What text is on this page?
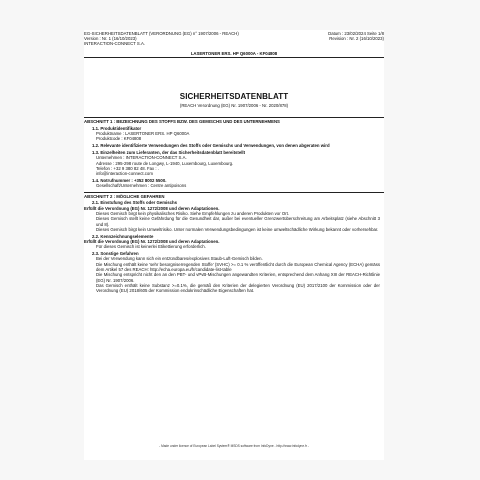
EG-SICHERHEITSDATENBLATT (VERORDNUNG (EG) n° 1907/2006 - REACH)
Version : Nr. 1 (16/10/2023)
INTERACTION-CONNECT S.A.
Datum : 23/02/2024 Seite 1/8
Revision : Nr. 2 (16/10/2023)
LASERTONER ERS. HP Q6000A - KF04808
SICHERHEITSDATENBLATT
(REACH Verordnung (EG) Nr. 1907/2006 - Nr. 2020/878)
ABSCHNITT 1 : BEZEICHNUNG DES STOFFS BZW. DES GEMISCHS UND DES UNTERNEHMENS
1.1. Produktidentifikator
Produktname : LASERTONER ERS. HP Q6000A
Produktcode : KF04808
1.2. Relevante identifizierte Verwendungen des Stoffs oder Gemischs und Verwendungen, von denen abgeraten wird
1.3. Einzelheiten zum Lieferanten, der das Sicherheitsdatenblatt bereitstellt
Unternehmen : INTERACTION-CONNECT S.A.
Adresse : 295-298 route de Longwy, L-1940, Luxembourg, Luxembourg.
Telefon : +32 9 380 82 48. Fax : .
info@interaction-connect.com
1.4. Notrufnummer : +352 8002 5500.
Gesellschaft/Unternehmen : Centre antipoisons
ABSCHNITT 2 : MÖGLICHE GEFAHREN
2.1. Einstufung des Stoffs oder Gemischs
Erfüllt die Verordnung (EG) Nr. 1272/2008 und deren Adaptationen.
Dieses Gemisch birgt kein physikalisches Risiko. Siehe Empfehlungen zu anderen Produkten vor Ort.
Dieses Gemisch stellt keine Gefährdung für die Gesundheit dar, außer bei eventueller Grenzwertüberschreitung am Arbeitsplatz (siehe Abschnitt 3 und 8).
Dieses Gemisch birgt kein Umweltrisiko. Unter normalen Verwendungsbedingungen ist keine umweltschädliche Wirkung bekannt oder vorhersehbar.
2.2. Kennzeichnungselemente
Erfüllt die Verordnung (EG) Nr. 1272/2008 und deren Adaptationen.
Für dieses Gemisch ist keinerlei Etikettierung erforderlich.
2.3. Sonstige Gefahren
Bei der Verwendung kann sich ein entzündbares/explosives Staub-Luft-Gemisch bilden.
Die Mischung enthält keine 'sehr besorgniserregenden Stoffe' (SVHC) >= 0.1 % veröffentlicht durch die European Chemical Agency (ECHA) gemäss dem Artikel 57 des REACH: http://echa.europa.eu/fr/candidate-list-table
Die Mischung entspricht nicht den an den PBT- und vPvB-Mischungen angewandten Kriterien, entsprechend dem Anhang XIII der REACH-Richtlinie (EG) Nr. 1907/2006.
Das Gemisch enthält keine Substanz >=0.1%, die gemäß den Kriterien der delegierten Verordnung (EU) 2017/2100 der Kommission oder der Verordnung (EU) 2018/605 der Kommission endokrinschädliche Eigenschaften hat.
- Made under licence of European Label System® MSDS software from InfoDyne - http://www.infodyne.fr -
